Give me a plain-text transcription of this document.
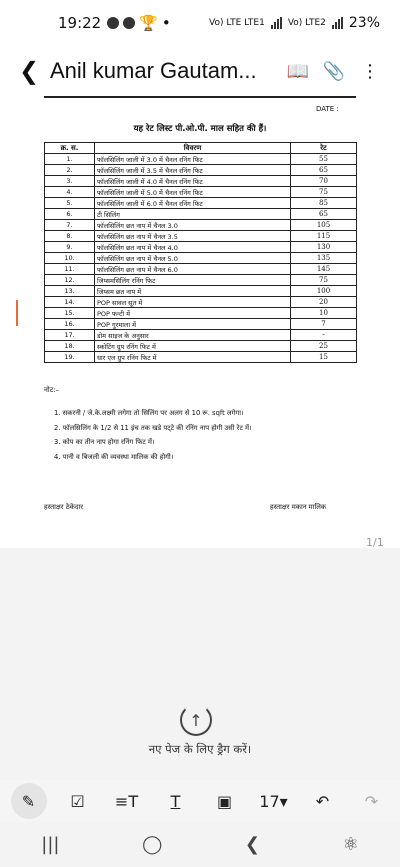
19:22	🏆 •	Vo) LTE LTE1	Vo) LTE2 23%
❮ Anil kumar Gautam...	📖 📎 ⋮
DATE :
यह रेट लिस्ट पी.ओ.पी. माल सहित की हैं।
क्र. स.	विवरण	रेट
1.	फॉलसिलिंग जाली में 3.0 में चैनल रनिंग फिट	55
2.	फॉलसिलिंग जाली में 3.5 में चैनल रनिंग फिट	65
3.	फॉलसिलिंग जाली में 4.0 में चैनल रनिंग फिट	70
4.	फॉलसिलिंग जाली में 5.0 में चैनल रनिंग फिट	75
5.	फॉलसिलिंग जाली में 6.0 में चैनल रनिंग फिट	85
6.	टी सिलिंग	65
7.	फॉलसिलिंग छत नाप में चैनल 3.0	105
8.	फॉलसिलिंग छत नाप में चैनल 3.5	115
9.	फॉलसिलिंग छत नाप में चैनल 4.0	130
10.	फॉलसिलिंग छत नाप में चैनल 5.0	135
11.	फॉलसिलिंग छत नाप में चैनल 6.0	145
12.	जिप्समसिलिंग रनिंग फिट	75
13.	जिप्सम छत नाप में	100
14.	POP सावल सूत में	20
15.	POP फन्टी में	10
16.	POP गुरमाला में	7
17.	डोम साइज के अनुसार	-
18.	स्कोटिंग ग्रुप रनिंग फिट में	25
19.	धार एल ग्रुप रनिंग फिट में	15
नोट:–
1. सकरनी / जे.के.लक्ष्मी लगेगा तो सिलिंग पर अलग से 10 रू. sqft लगेगा।
2. फॉलसिलिंग के 1/2 से 11 इंच तक खडे पट्‌टे की रनिंग नाप होगी उसी रेट में।
3. कोप का तीन नाप होगा रनिंग फिट में।
4. पानी व बिजली की व्यवस्था मालिक की होगी।
हस्ताक्षर ठेकेदार	हस्ताक्षर मकान मालिक
1/1
↑
नए पेज के लिए ड्रैग करें।
✎	☑	≡T	T	▣	17 ▾	↶	↷
|||	◯	❮	⚛
